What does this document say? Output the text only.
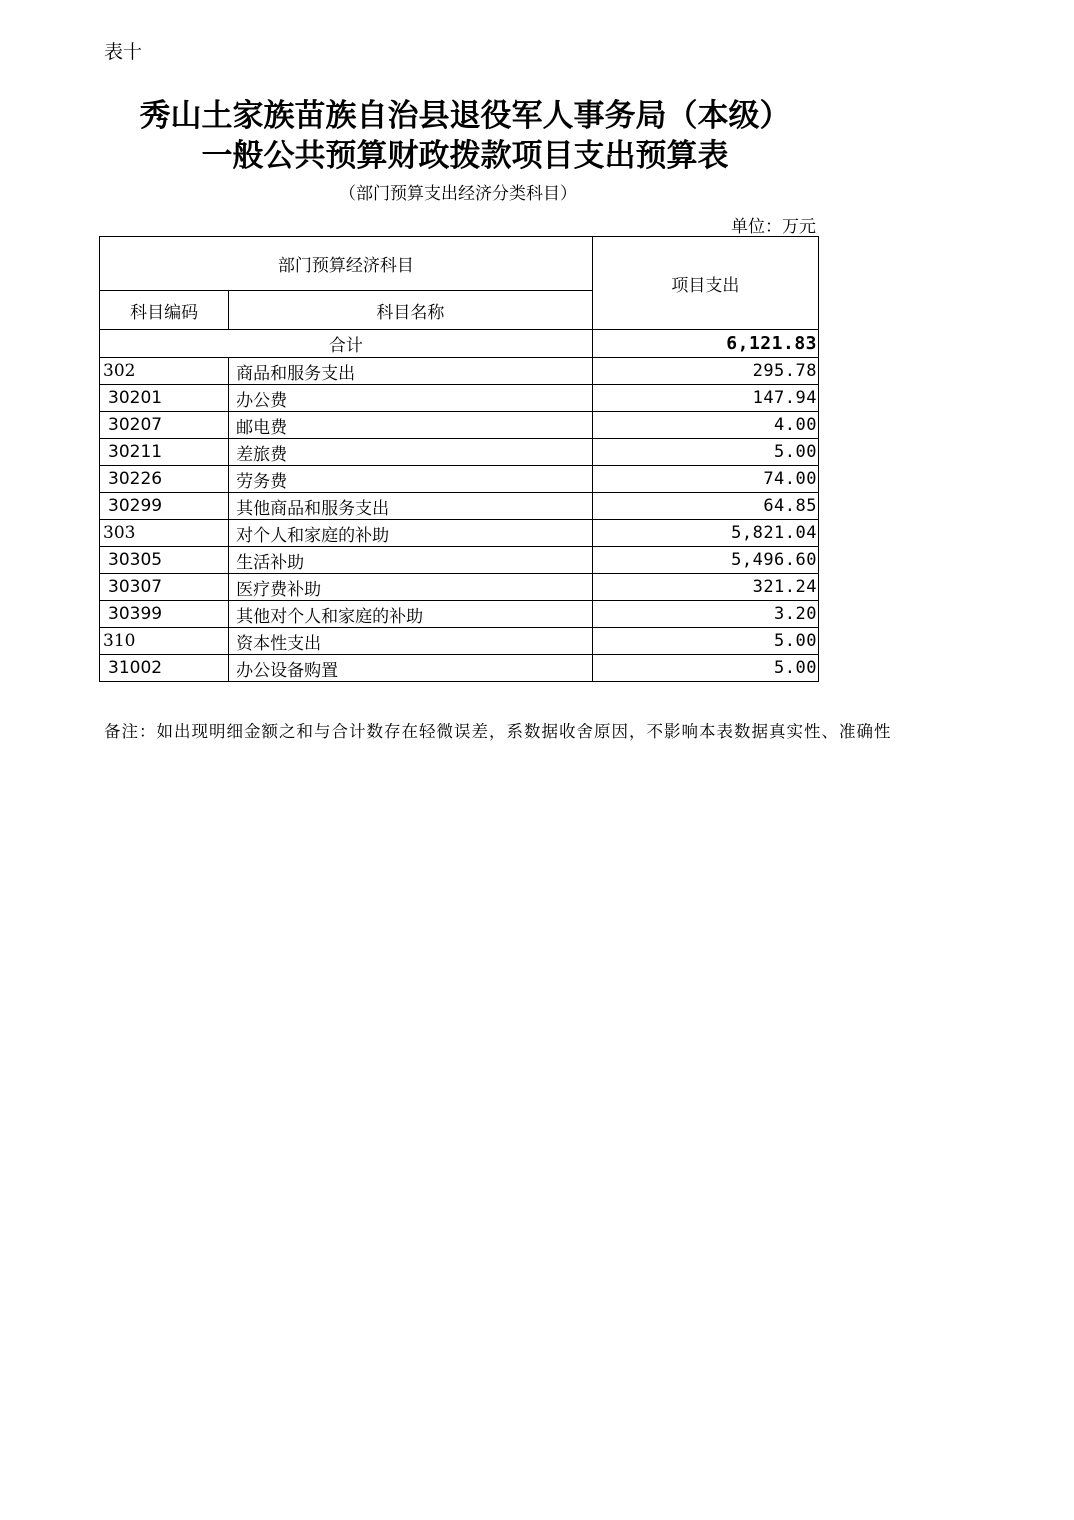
表十
秀山土家族苗族自治县退役军人事务局（本级）
一般公共预算财政拨款项目支出预算表
（部门预算支出经济分类科目）
单位：万元
部门预算经济科目		项目支出
科目编码	科目名称	
合计		6,121.83
302	商品和服务支出	295.78
30201	办公费	147.94
30207	邮电费	4.00
30211	差旅费	5.00
30226	劳务费	74.00
30299	其他商品和服务支出	64.85
303	对个人和家庭的补助	5,821.04
30305	生活补助	5,496.60
30307	医疗费补助	321.24
30399	其他对个人和家庭的补助	3.20
310	资本性支出	5.00
31002	办公设备购置	5.00
备注：如出现明细金额之和与合计数存在轻微误差，系数据收舍原因，不影响本表数据真实性、准确性
